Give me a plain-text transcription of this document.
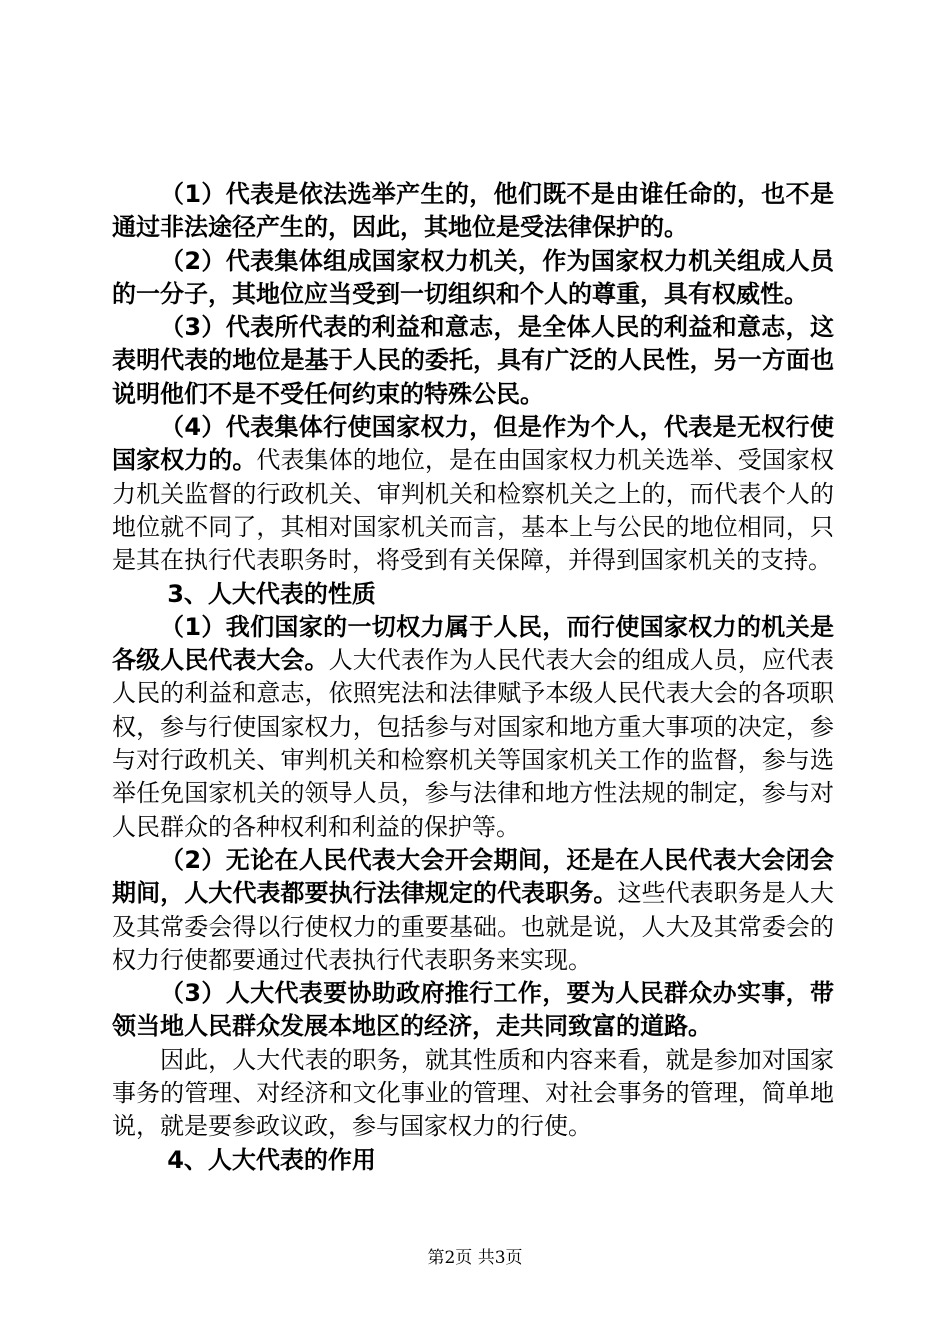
（1）代表是依法选举产生的，他们既不是由谁任命的，也不是通过非法途径产生的，因此，其地位是受法律保护的。

（2）代表集体组成国家权力机关，作为国家权力机关组成人员的一分子，其地位应当受到一切组织和个人的尊重，具有权威性。

（3）代表所代表的利益和意志，是全体人民的利益和意志，这表明代表的地位是基于人民的委托，具有广泛的人民性，另一方面也说明他们不是不受任何约束的特殊公民。

（4）代表集体行使国家权力，但是作为个人，代表是无权行使国家权力的。代表集体的地位，是在由国家权力机关选举、受国家权力机关监督的行政机关、审判机关和检察机关之上的，而代表个人的地位就不同了，其相对国家机关而言，基本上与公民的地位相同，只是其在执行代表职务时，将受到有关保障，并得到国家机关的支持。

3、人大代表的性质

（1）我们国家的一切权力属于人民，而行使国家权力的机关是各级人民代表大会。人大代表作为人民代表大会的组成人员，应代表人民的利益和意志，依照宪法和法律赋予本级人民代表大会的各项职权，参与行使国家权力，包括参与对国家和地方重大事项的决定，参与对行政机关、审判机关和检察机关等国家机关工作的监督，参与选举任免国家机关的领导人员，参与法律和地方性法规的制定，参与对人民群众的各种权利和利益的保护等。

（2）无论在人民代表大会开会期间，还是在人民代表大会闭会期间，人大代表都要执行法律规定的代表职务。这些代表职务是人大及其常委会得以行使权力的重要基础。也就是说，人大及其常委会的权力行使都要通过代表执行代表职务来实现。

（3）人大代表要协助政府推行工作，要为人民群众办实事，带领当地人民群众发展本地区的经济，走共同致富的道路。

因此，人大代表的职务，就其性质和内容来看，就是参加对国家事务的管理、对经济和文化事业的管理、对社会事务的管理，简单地说，就是要参政议政，参与国家权力的行使。

4、人大代表的作用

第2页 共3页
